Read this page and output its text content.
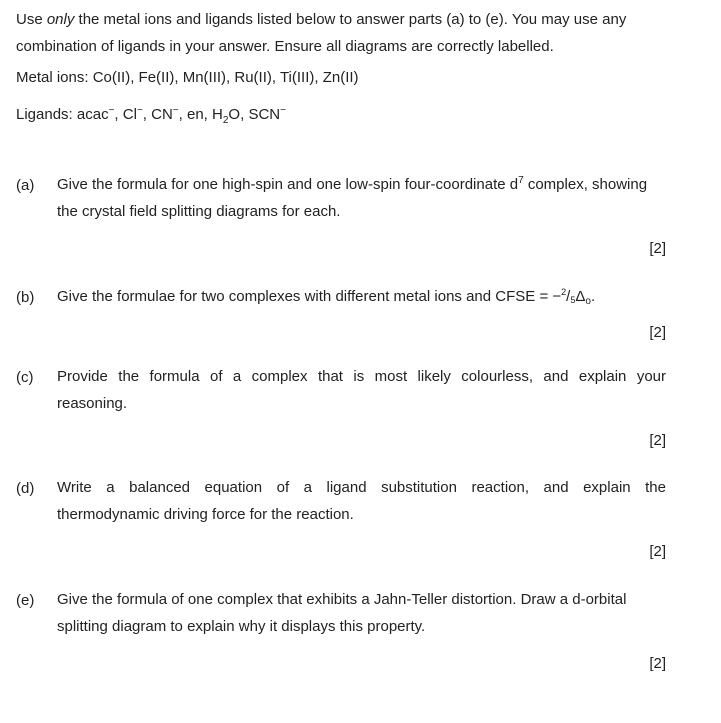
Use only the metal ions and ligands listed below to answer parts (a) to (e). You may use any
combination of ligands in your answer. Ensure all diagrams are correctly labelled.
Metal ions: Co(II), Fe(II), Mn(III), Ru(II), Ti(III), Zn(II)
Ligands: acac−, Cl−, CN−, en, $H_2O$, SCN−
(a) Give the formula for one high-spin and one low-spin four-coordinate $d^7$ complex, showing
the crystal field splitting diagrams for each.
[2]
(b) Give the formulae for two complexes with different metal ions and CFSE = $-^2/_5\Delta_o$.
[2]
(c) Provide the formula of a complex that is most likely colourless, and explain your
reasoning.
[2]
(d) Write a balanced equation of a ligand substitution reaction, and explain the
thermodynamic driving force for the reaction.
[2]
(e) Give the formula of one complex that exhibits a Jahn-Teller distortion. Draw a d-orbital
splitting diagram to explain why it displays this property.
[2]
